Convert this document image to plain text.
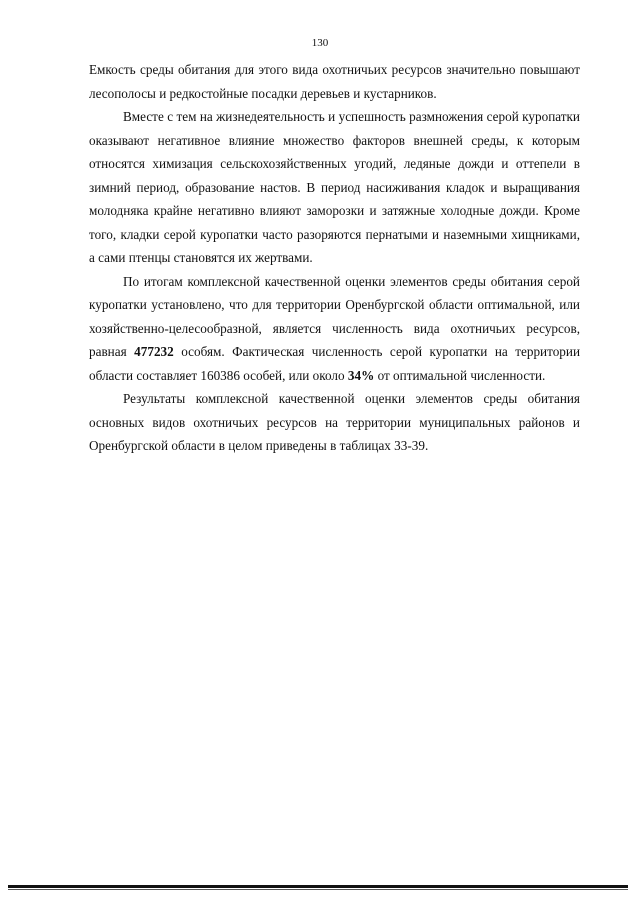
130

Емкость среды обитания для этого вида охотничьих ресурсов значительно повышают лесополосы и редкостойные посадки деревьев и кустарников.

Вместе с тем на жизнедеятельность и успешность размножения серой куропатки оказывают негативное влияние множество факторов внешней среды, к которым относятся химизация сельскохозяйственных угодий, ледяные дожди и оттепели в зимний период, образование настов. В период насиживания кладок и выращивания молодняка крайне негативно влияют заморозки и затяжные холодные дожди. Кроме того, кладки серой куропатки часто разоряются пернатыми и наземными хищниками, а сами птенцы становятся их жертвами.

По итогам комплексной качественной оценки элементов среды обитания серой куропатки установлено, что для территории Оренбургской области оптимальной, или хозяйственно-целесообразной, является численность вида охотничьих ресурсов, равная 477232 особям. Фактическая численность серой куропатки на территории области составляет 160386 особей, или около 34% от оптимальной численности.

Результаты комплексной качественной оценки элементов среды обитания основных видов охотничьих ресурсов на территории муниципальных районов и Оренбургской области в целом приведены в таблицах 33-39.
